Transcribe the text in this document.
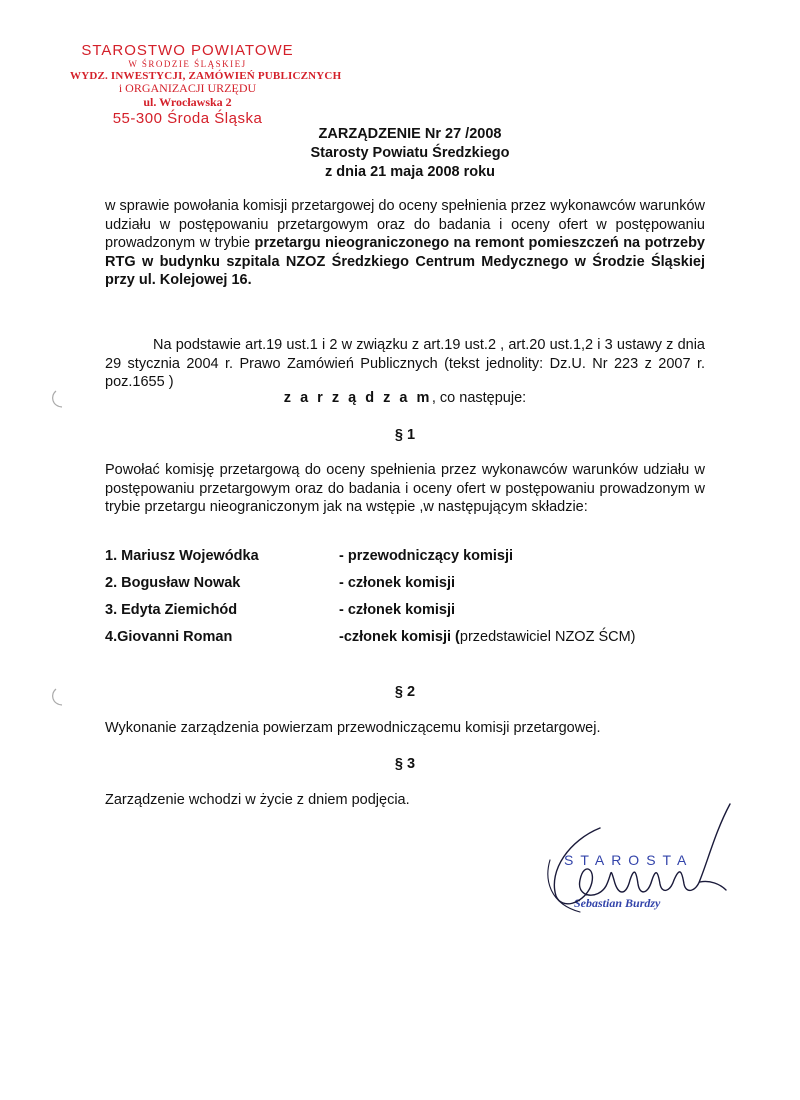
STAROSTWO POWIATOWE
W ŚRODZIE ŚLĄSKIEJ
WYDZ. INWESTYCJI, ZAMÓWIEŃ PUBLICZNYCH
i ORGANIZACJI URZĘDU
ul. Wrocławska 2
55-300 Środa Śląska
ZARZĄDZENIE Nr 27 /2008
Starosty Powiatu Średzkiego
z dnia 21 maja 2008 roku
w sprawie powołania komisji przetargowej do oceny spełnienia przez wykonawców warunków udziału w postępowaniu przetargowym oraz do badania i oceny ofert w postępowaniu prowadzonym w trybie przetargu nieograniczonego na remont pomieszczeń na potrzeby RTG w budynku szpitala NZOZ Średzkiego Centrum Medycznego w Środzie Śląskiej przy ul. Kolejowej 16.
Na podstawie art.19 ust.1 i 2 w związku z art.19 ust.2 , art.20 ust.1,2 i 3 ustawy z dnia 29 stycznia 2004 r. Prawo Zamówień Publicznych (tekst jednolity: Dz.U. Nr 223 z 2007 r. poz.1655 )
z a r z ą d z a m, co następuje:
§ 1
Powołać komisję przetargową do oceny spełnienia przez wykonawców warunków udziału w postępowaniu przetargowym oraz do badania i oceny ofert w postępowaniu prowadzonym w trybie przetargu nieograniczonym jak na wstępie ,w następującym składzie:
1. Mariusz Wojewódka	- przewodniczący komisji
2. Bogusław Nowak	- członek komisji
3. Edyta Ziemichód	- członek komisji
4.Giovanni Roman	-członek komisji (przedstawiciel NZOZ ŚCM)
§ 2
Wykonanie zarządzenia powierzam przewodniczącemu komisji przetargowej.
§ 3
Zarządzenie wchodzi w życie z dniem podjęcia.
STAROSTA
Sebastian Burdzy
